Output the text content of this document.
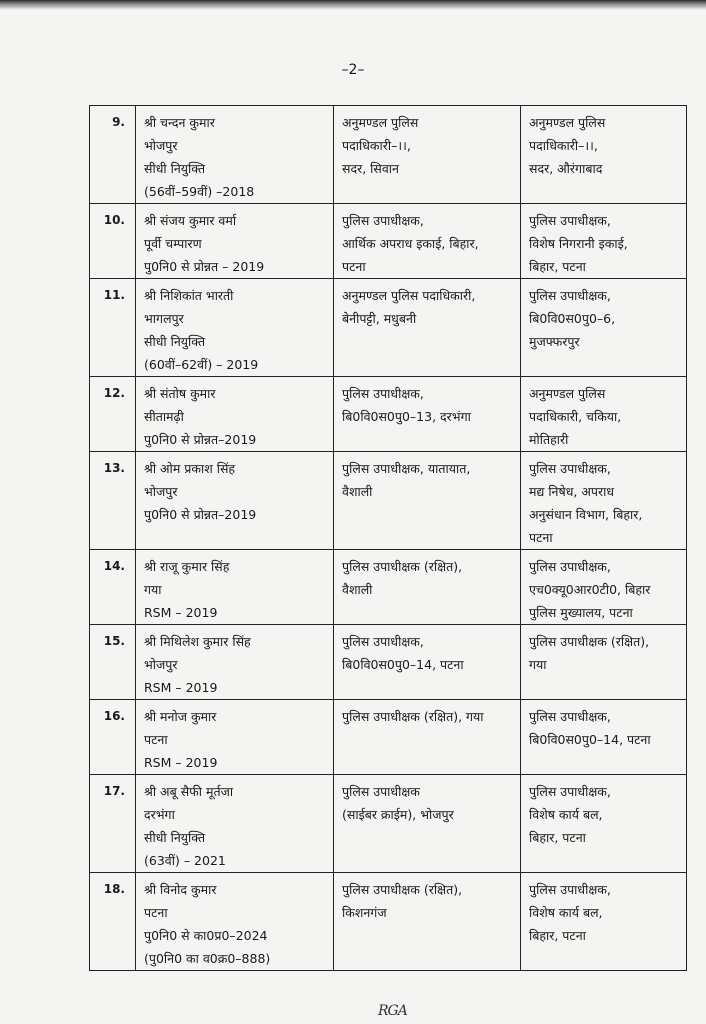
–2–
9.	श्री चन्दन कुमार
भोजपुर
सीधी नियुक्ति
(56वीं–59वीं) –2018	अनुमण्डल पुलिस
पदाधिकारी–।।,
सदर, सिवान	अनुमण्डल पुलिस
पदाधिकारी–।।,
सदर, औरंगाबाद

10.	श्री संजय कुमार वर्मा
पूर्वी चम्पारण
पु0नि0 से प्रोन्नत – 2019	पुलिस उपाधीक्षक,
आर्थिक अपराध इकाई, बिहार,
पटना	पुलिस उपाधीक्षक,
विशेष निगरानी इकाई,
बिहार, पटना

11.	श्री निशिकांत भारती
भागलपुर
सीधी नियुक्ति
(60वीं–62वीं) – 2019	अनुमण्डल पुलिस पदाधिकारी,
बेनीपट्टी, मधुबनी	पुलिस उपाधीक्षक,
बि0वि0स0पु0–6,
मुजफ्फरपुर

12.	श्री संतोष कुमार
सीतामढ़ी
पु0नि0 से प्रोन्नत–2019	पुलिस उपाधीक्षक,
बि0वि0स0पु0–13, दरभंगा	अनुमण्डल पुलिस
पदाधिकारी, चकिया,
मोतिहारी

13.	श्री ओम प्रकाश सिंह
भोजपुर
पु0नि0 से प्रोन्नत–2019	पुलिस उपाधीक्षक, यातायात,
वैशाली	पुलिस उपाधीक्षक,
मद्य निषेध, अपराध
अनुसंधान विभाग, बिहार,
पटना

14.	श्री राजू कुमार सिंह
गया
RSM – 2019	पुलिस उपाधीक्षक (रक्षित),
वैशाली	पुलिस उपाधीक्षक,
एच0क्यू0आर0टी0, बिहार
पुलिस मुख्यालय, पटना

15.	श्री मिथिलेश कुमार सिंह
भोजपुर
RSM – 2019	पुलिस उपाधीक्षक,
बि0वि0स0पु0–14, पटना	पुलिस उपाधीक्षक (रक्षित),
गया

16.	श्री मनोज कुमार
पटना
RSM – 2019	पुलिस उपाधीक्षक (रक्षित), गया	पुलिस उपाधीक्षक,
बि0वि0स0पु0–14, पटना

17.	श्री अबू सैफी मूर्तजा
दरभंगा
सीधी नियुक्ति
(63वीं) – 2021	पुलिस उपाधीक्षक
(साईबर क्राईम), भोजपुर	पुलिस उपाधीक्षक,
विशेष कार्य बल,
बिहार, पटना

18.	श्री विनोद कुमार
पटना
पु0नि0 से का0प्र0–2024
(पु0नि0 का व0क्र0–888)	पुलिस उपाधीक्षक (रक्षित),
किशनगंज	पुलिस उपाधीक्षक,
विशेष कार्य बल,
बिहार, पटना
RGA
